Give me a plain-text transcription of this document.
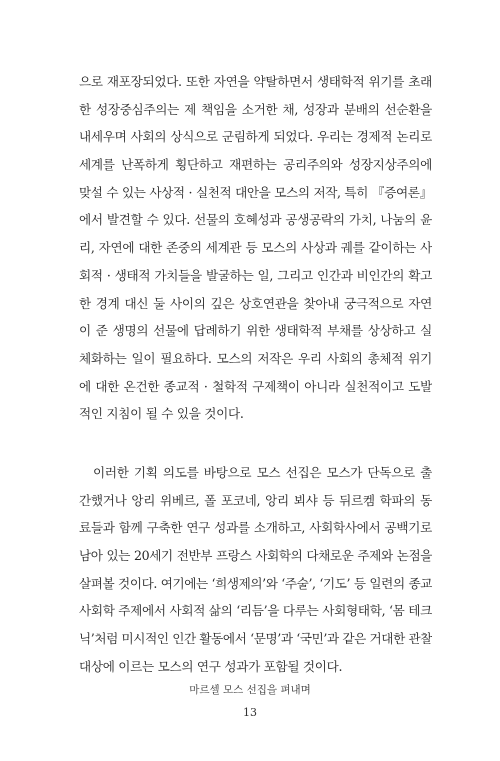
으로 재포장되었다. 또한 자연을 약탈하면서 생태학적 위기를 초래
한 성장중심주의는 제 책임을 소거한 채, 성장과 분배의 선순환을
내세우며 사회의 상식으로 군림하게 되었다. 우리는 경제적 논리로
세계를 난폭하게 횡단하고 재편하는 공리주의와 성장지상주의에
맞설 수 있는 사상적 · 실천적 대안을 모스의 저작, 특히 『증여론』
에서 발견할 수 있다. 선물의 호혜성과 공생공락의 가치, 나눔의 윤
리, 자연에 대한 존중의 세계관 등 모스의 사상과 궤를 같이하는 사
회적 · 생태적 가치들을 발굴하는 일, 그리고 인간과 비인간의 확고
한 경계 대신 둘 사이의 깊은 상호연관을 찾아내 궁극적으로 자연
이 준 생명의 선물에 답례하기 위한 생태학적 부채를 상상하고 실
체화하는 일이 필요하다. 모스의 저작은 우리 사회의 총체적 위기
에 대한 온건한 종교적 · 철학적 구제책이 아니라 실천적이고 도발
적인 지침이 될 수 있을 것이다.
이러한 기획 의도를 바탕으로 모스 선집은 모스가 단독으로 출
간했거나 앙리 위베르, 폴 포코네, 앙리 뵈샤 등 뒤르켐 학파의 동
료들과 함께 구축한 연구 성과를 소개하고, 사회학사에서 공백기로
남아 있는 20세기 전반부 프랑스 사회학의 다채로운 주제와 논점을
살펴볼 것이다. 여기에는 ‘희생제의’와 ‘주술’, ‘기도’ 등 일련의 종교
사회학 주제에서 사회적 삶의 ‘리듬’을 다루는 사회형태학, ‘몸 테크
닉’처럼 미시적인 인간 활동에서 ‘문명’과 ‘국민’과 같은 거대한 관찰
대상에 이르는 모스의 연구 성과가 포함될 것이다.
마르셀 모스 선집을 펴내며
13
